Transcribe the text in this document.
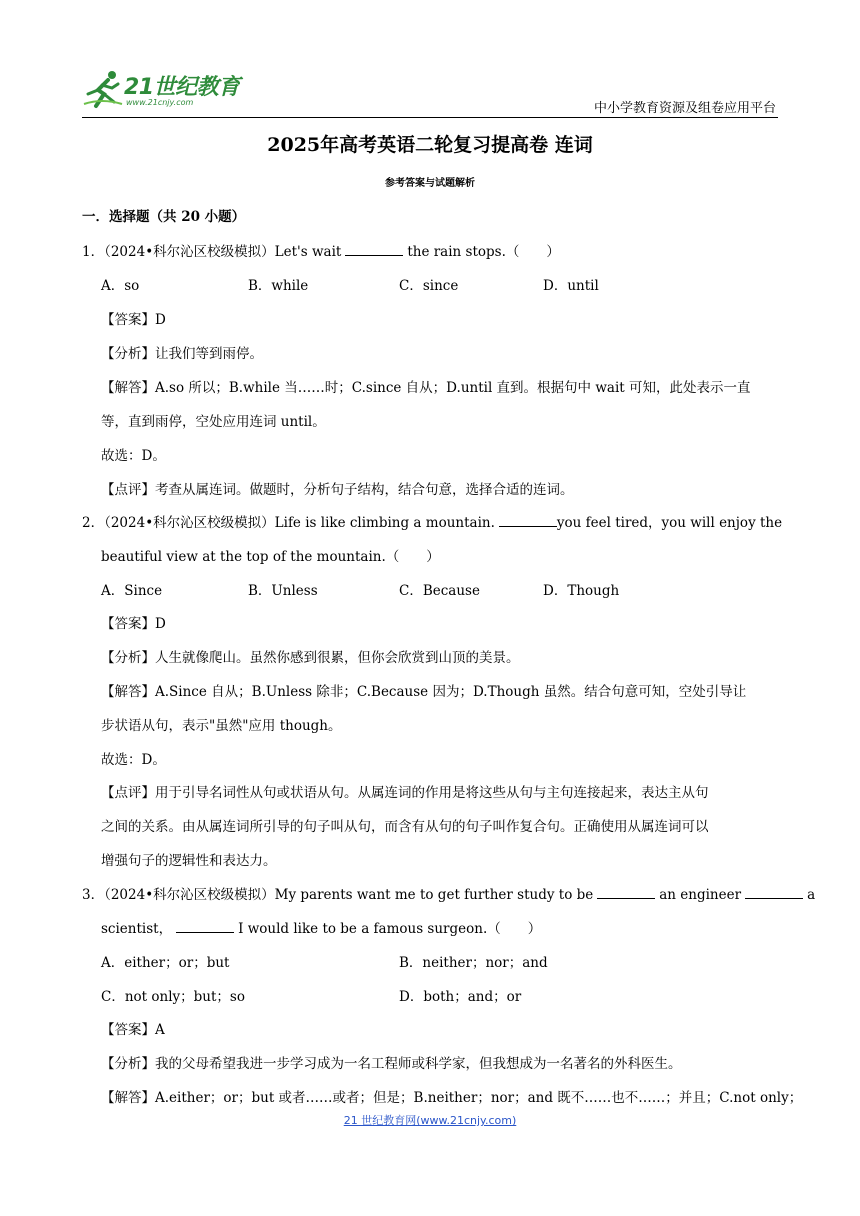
21世纪教育
www.21cnjy.com	中小学教育资源及组卷应用平台
2025年高考英语二轮复习提高卷 连词
参考答案与试题解析
一．选择题（共 20 小题）
1．（2024•科尔沁区校级模拟）Let's wait	the rain stops.（　　）
A．so	B．while	C．since	D．until
【答案】D
【分析】让我们等到雨停。
【解答】A.so 所以；B.while 当……时；C.since 自从；D.until 直到。根据句中 wait 可知，此处表示一直
等，直到雨停，空处应用连词 until。
故选：D。
【点评】考查从属连词。做题时，分析句子结构，结合句意，选择合适的连词。
2．（2024•科尔沁区校级模拟）Life is like climbing a mountain.	you feel tired，you will enjoy the
beautiful view at the top of the mountain.（　　）
A．Since	B．Unless	C．Because	D．Though
【答案】D
【分析】人生就像爬山。虽然你感到很累，但你会欣赏到山顶的美景。
【解答】A.Since 自从；B.Unless 除非；C.Because 因为；D.Though 虽然。结合句意可知，空处引导让
步状语从句，表示"虽然"应用 though。
故选：D。
【点评】用于引导名词性从句或状语从句。从属连词的作用是将这些从句与主句连接起来，表达主从句
之间的关系。由从属连词所引导的句子叫从句，而含有从句的句子叫作复合句。正确使用从属连词可以
增强句子的逻辑性和表达力。
3．（2024•科尔沁区校级模拟）My parents want me to get further study to be	an engineer	a
scientist，	I would like to be a famous surgeon.（　　）
A．either；or；but	B．neither；nor；and
C．not only；but；so	D．both；and；or
【答案】A
【分析】我的父母希望我进一步学习成为一名工程师或科学家，但我想成为一名著名的外科医生。
【解答】A.either；or；but 或者……或者；但是；B.neither；nor；and 既不……也不……；并且；C.not only；
21 世纪教育网(www.21cnjy.com)
